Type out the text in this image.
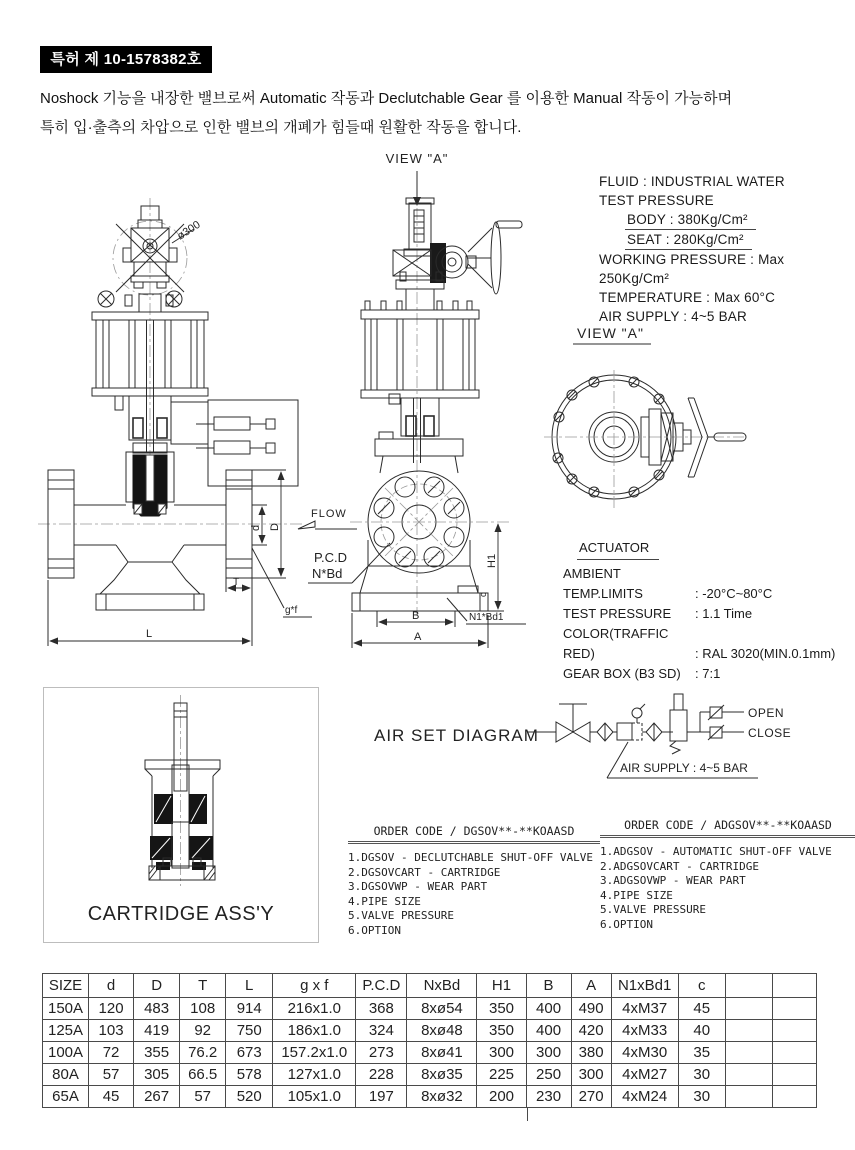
특허 제 10-1578382호
Noshock 기능을 내장한 밸브로써 Automatic 작동과 Declutchable Gear 를 이용한 Manual 작동이 가능하며
특히 입·출측의 차압으로 인한 밸브의 개폐가 힘들때 원활한 작동을 합니다.
ø300
d D
T
L
g*f
FLOW
P.C.D
N*Bd
VIEW "A"
c
H1
B
A
N1*Bd1
VIEW "A"
FLUID : INDUSTRIAL WATER
TEST PRESSURE
BODY : 380Kg/Cm²
SEAT : 280Kg/Cm²
WORKING PRESSURE : Max 250Kg/Cm²
TEMPERATURE : Max 60°C
AIR SUPPLY : 4~5 BAR
ACTUATOR
AMBIENT TEMP.LIMITS	: -20°C~80°C
TEST PRESSURE : 1.1 Time
COLOR(TRAFFIC RED)	: RAL 3020(MIN.0.1mm)
GEAR BOX (B3 SD) : 7:1
CARTRIDGE ASS'Y
AIR SET DIAGRAM
OPEN
CLOSE
AIR SUPPLY : 4~5 BAR
ORDER CODE / DGSOV**-**KOAASD
1.DGSOV - DECLUTCHABLE SHUT-OFF VALVE
2.DGSOVCART - CARTRIDGE
3.DGSOVWP - WEAR PART
4.PIPE SIZE
5.VALVE PRESSURE
6.OPTION
ORDER CODE / ADGSOV**-**KOAASD
1.ADGSOV - AUTOMATIC SHUT-OFF VALVE
2.ADGSOVCART - CARTRIDGE
3.ADGSOVWP - WEAR PART
4.PIPE SIZE
5.VALVE PRESSURE
6.OPTION
SIZE	d	D	T	L	g x f	P.C.D	NxBd	H1	B	A	N1xBd1	c		
150A	120	483	108	914	216x1.0	368	8xø54	350	400	490	4xM37	45		
125A	103	419	92	750	186x1.0	324	8xø48	350	400	420	4xM33	40		
100A	72	355	76.2	673	157.2x1.0	273	8xø41	300	300	380	4xM30	35		
80A	57	305	66.5	578	127x1.0	228	8xø35	225	250	300	4xM27	30		
65A	45	267	57	520	105x1.0	197	8xø32	200	230	270	4xM24	30		
